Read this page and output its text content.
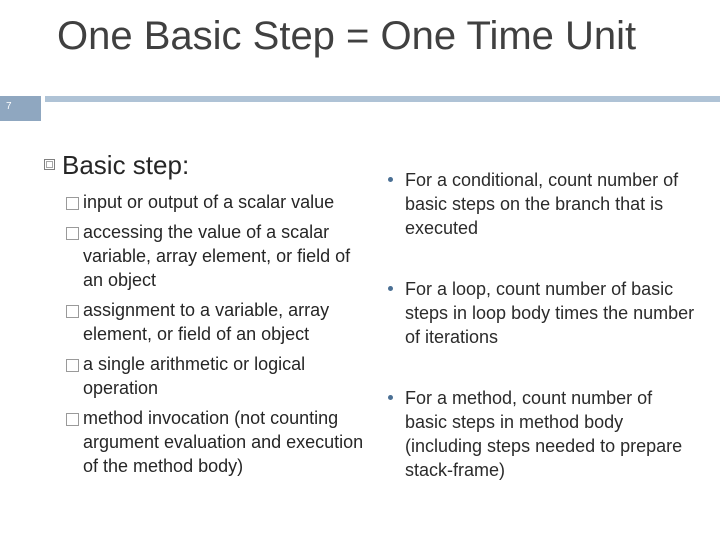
7
One Basic Step = One Time Unit
Basic step:
input or output of a scalar value
accessing the value of a scalar variable, array element, or field of an object
assignment to a variable, array element, or field of an object
a single arithmetic or logical operation
method invocation (not counting argument evaluation and execution of the method body)
For a conditional, count number of basic steps on the branch that is executed
For a loop, count number of basic steps in loop body times the number of iterations
For a method, count number of basic steps in method body (including steps needed to prepare stack-frame)
